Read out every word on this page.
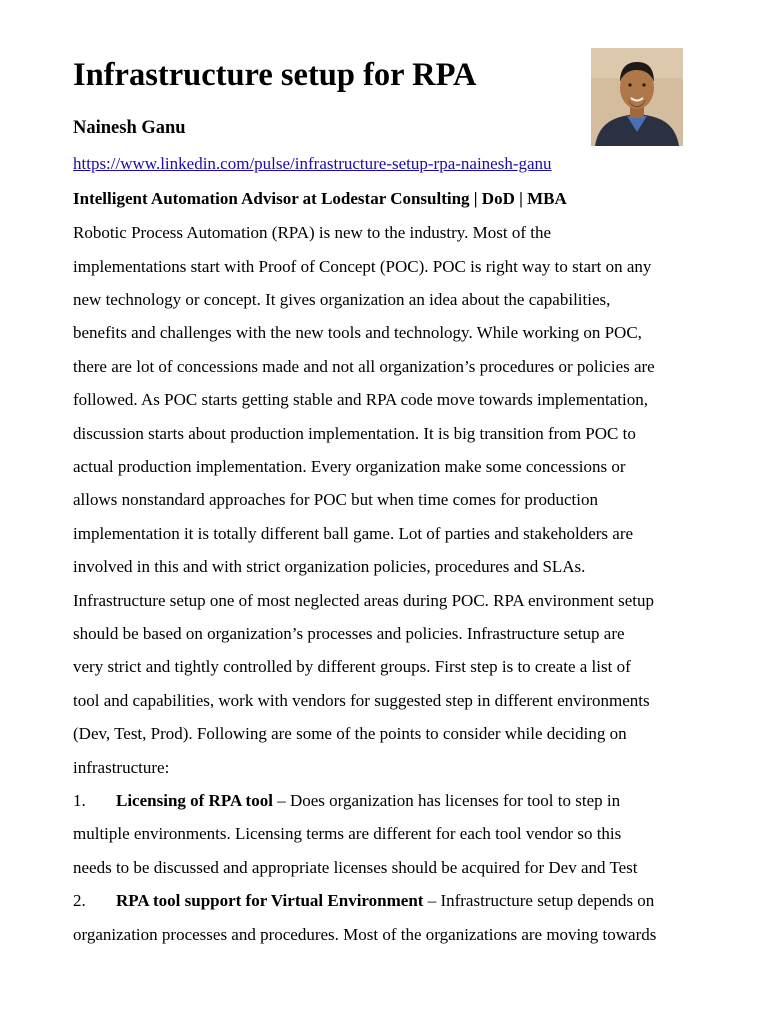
Infrastructure setup for RPA
Nainesh Ganu
https://www.linkedin.com/pulse/infrastructure-setup-rpa-nainesh-ganu
Intelligent Automation Advisor at Lodestar Consulting | DoD | MBA
Robotic Process Automation (RPA) is new to the industry. Most of the
implementations start with Proof of Concept (POC). POC is right way to start on any
new technology or concept. It gives organization an idea about the capabilities,
benefits and challenges with the new tools and technology. While working on POC,
there are lot of concessions made and not all organization’s procedures or policies are
followed. As POC starts getting stable and RPA code move towards implementation,
discussion starts about production implementation. It is big transition from POC to
actual production implementation. Every organization make some concessions or
allows nonstandard approaches for POC but when time comes for production
implementation it is totally different ball game. Lot of parties and stakeholders are
involved in this and with strict organization policies, procedures and SLAs.
Infrastructure setup one of most neglected areas during POC. RPA environment setup
should be based on organization’s processes and policies. Infrastructure setup are
very strict and tightly controlled by different groups. First step is to create a list of
tool and capabilities, work with vendors for suggested step in different environments
(Dev, Test, Prod). Following are some of the points to consider while deciding on
infrastructure:
1. Licensing of RPA tool – Does organization has licenses for tool to step in
multiple environments. Licensing terms are different for each tool vendor so this
needs to be discussed and appropriate licenses should be acquired for Dev and Test
2. RPA tool support for Virtual Environment – Infrastructure setup depends on
organization processes and procedures. Most of the organizations are moving towards
